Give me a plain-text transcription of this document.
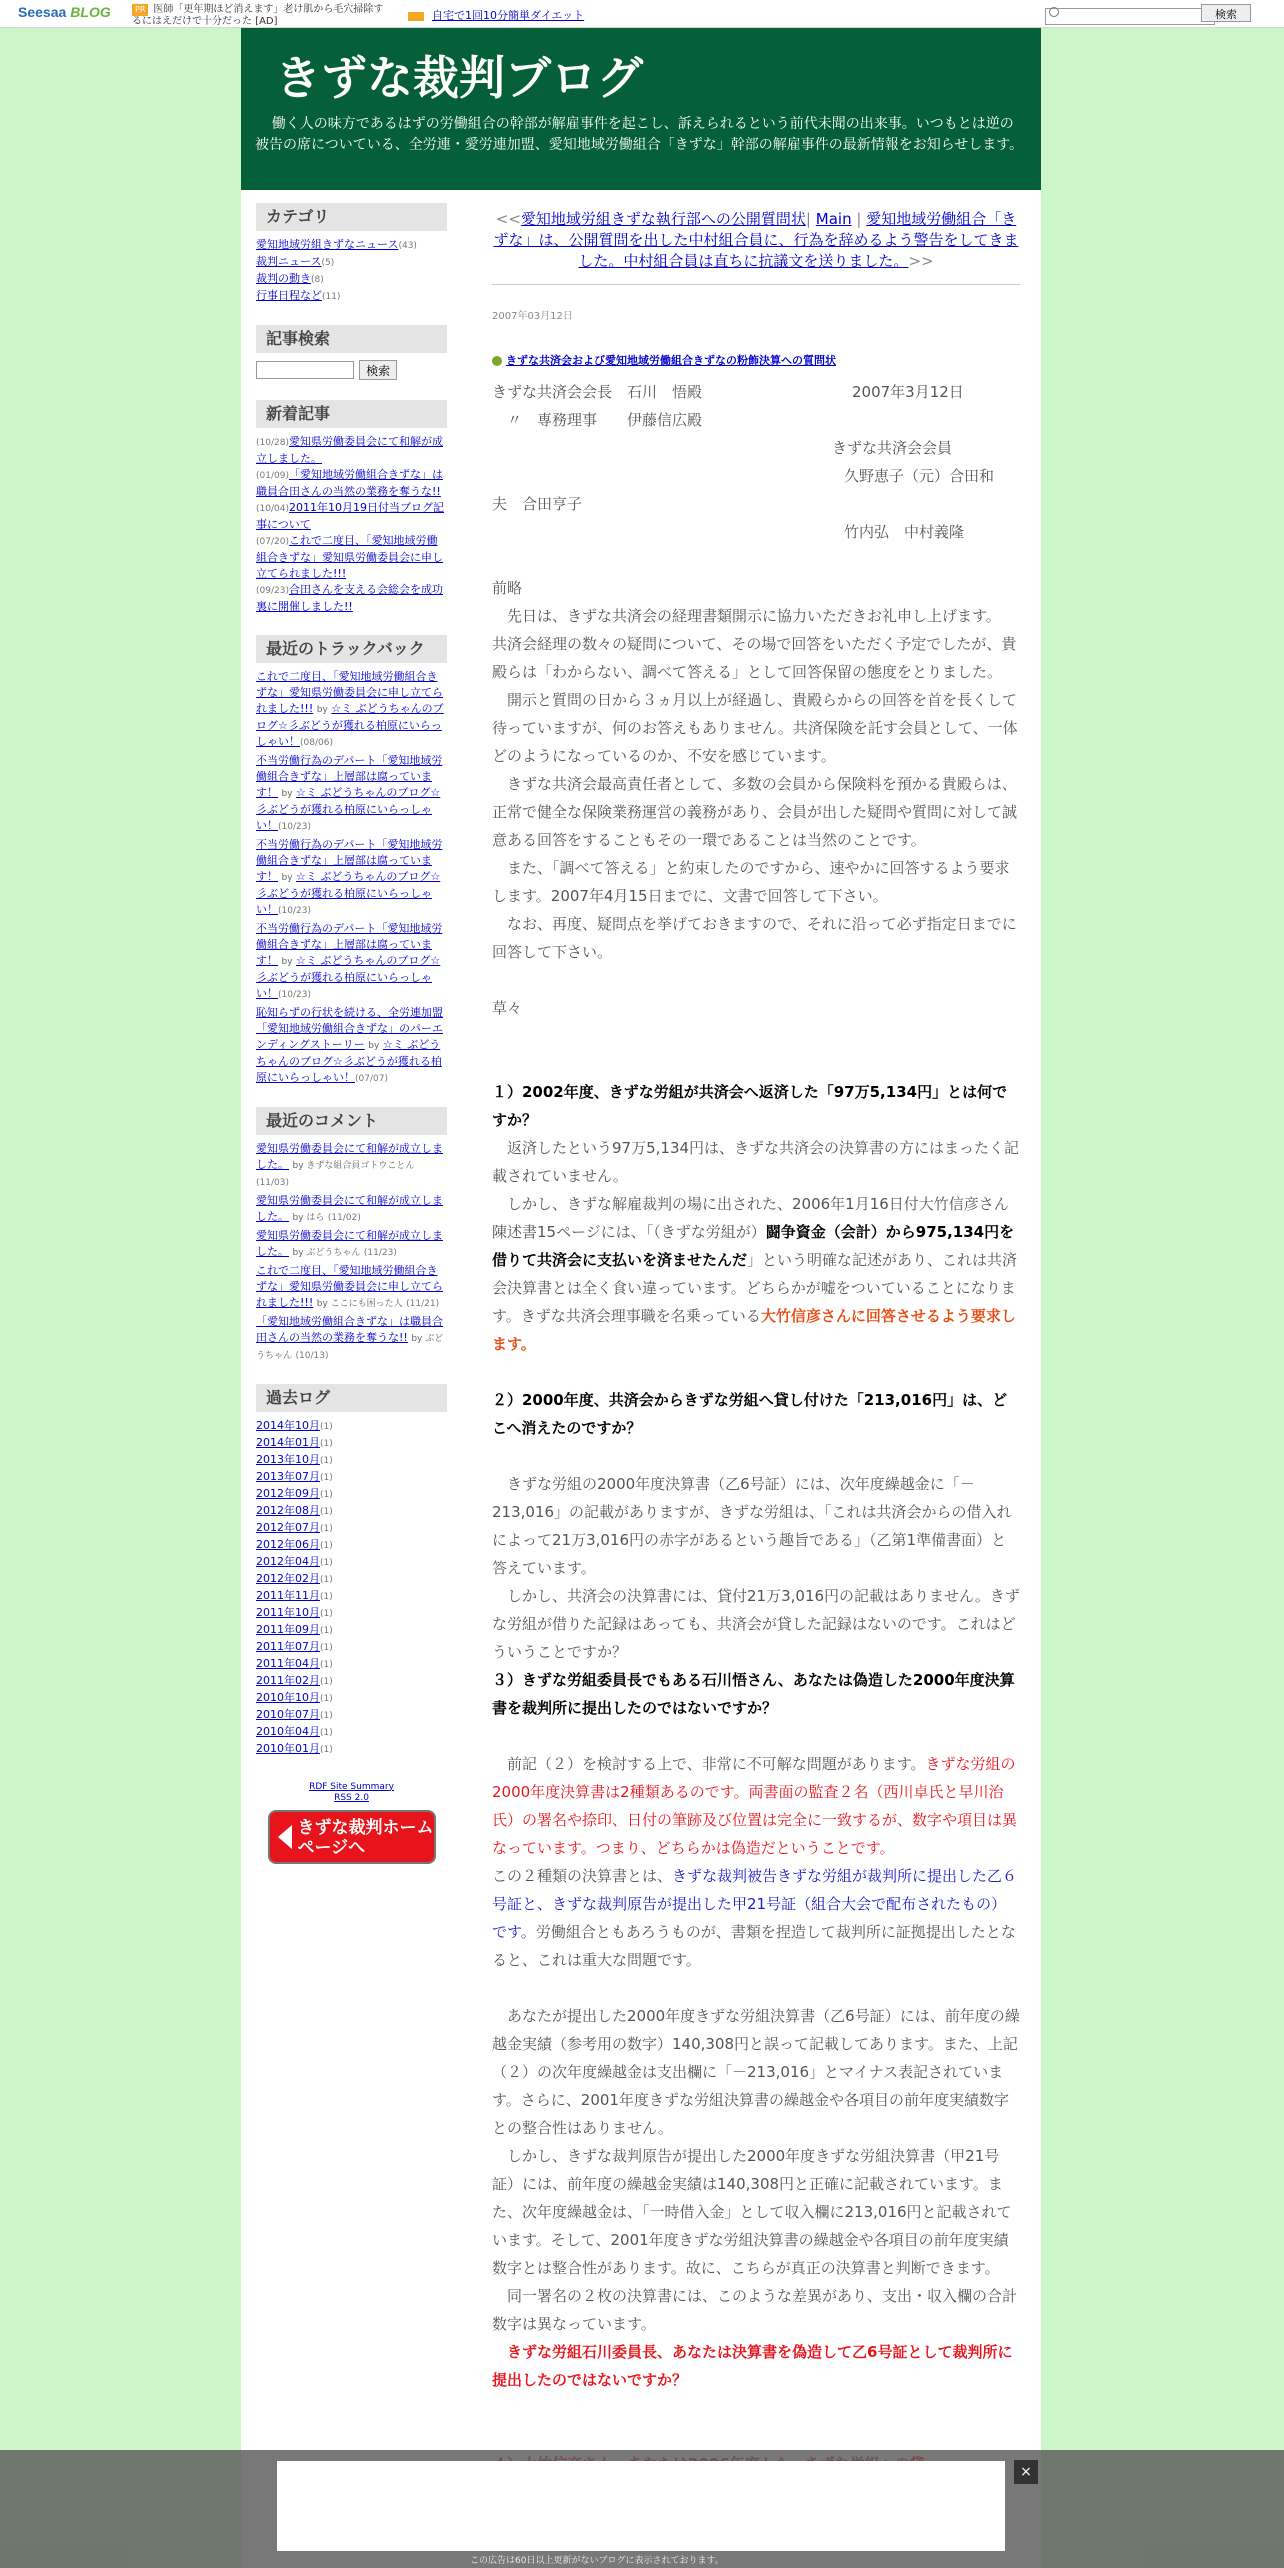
Seesaa BLOG	PR 医師「更年期ほど消えます」老け肌から毛穴掃除するにはえだけで十分だった [AD]	自宅で1回10分簡単ダイエット	検索
きずな裁判ブログ
働く人の味方であるはずの労働組合の幹部が解雇事件を起こし、訴えられるという前代未聞の出来事。いつもとは逆の被告の席についている、全労連・愛労連加盟、愛知地域労働組合「きずな」幹部の解雇事件の最新情報をお知らせします。
カテゴリ
愛知地域労組きずなニュース(43)
裁判ニュース(5)
裁判の動き(8)
行事日程など(11)
記事検索
検索
新着記事
(10/28)愛知県労働委員会にて和解が成立しました。
(01/09)「愛知地域労働組合きずな」は職員合田さんの当然の業務を奪うな!!
(10/04)2011年10月19日付当ブログ記事について
(07/20)これで二度目、「愛知地域労働組合きずな」愛知県労働委員会に申し立てられました!!!
(09/23)合田さんを支える会総会を成功裏に開催しました!!
最近のトラックバック
これで二度目、「愛知地域労働組合きずな」愛知県労働委員会に申し立てられました!!! by ☆ミ ぶどうちゃんのブログ☆彡ぶどうが獲れる柏原にいらっしゃい！(08/06)
不当労働行為のデパート「愛知地域労働組合きずな」上層部は腐っています！ by ☆ミ ぶどうちゃんのブログ☆彡ぶどうが獲れる柏原にいらっしゃい！(10/23)
不当労働行為のデパート「愛知地域労働組合きずな」上層部は腐っています！ by ☆ミ ぶどうちゃんのブログ☆彡ぶどうが獲れる柏原にいらっしゃい！(10/23)
不当労働行為のデパート「愛知地域労働組合きずな」上層部は腐っています！ by ☆ミ ぶどうちゃんのブログ☆彡ぶどうが獲れる柏原にいらっしゃい！(10/23)
恥知らずの行状を続ける、全労連加盟「愛知地域労働組合きずな」のパーエンディングストーリー by ☆ミ ぶどうちゃんのブログ☆彡ぶどうが獲れる柏原にいらっしゃい！(07/07)
最近のコメント
愛知県労働委員会にて和解が成立しました。 by きずな組合員ゴトウことん (11/03)
愛知県労働委員会にて和解が成立しました。 by はら (11/02)
愛知県労働委員会にて和解が成立しました。 by ぶどうちゃん (11/23)
これで二度目、「愛知地域労働組合きずな」愛知県労働委員会に申し立てられました!!! by ここにも困った人 (11/21)
「愛知地域労働組合きずな」は職員合田さんの当然の業務を奪うな!! by ぶどうちゃん (10/13)
過去ログ
2014年10月(1)
2014年01月(1)
2013年10月(1)
2013年07月(1)
2012年09月(1)
2012年08月(1)
2012年07月(1)
2012年06月(1)
2012年04月(1)
2012年02月(1)
2011年11月(1)
2011年10月(1)
2011年09月(1)
2011年07月(1)
2011年04月(1)
2011年02月(1)
2010年10月(1)
2010年07月(1)
2010年04月(1)
2010年01月(1)
RDF Site Summary
RSS 2.0
きずな裁判ホームページへ
<<愛知地域労組きずな執行部への公開質問状| Main | 愛知地域労働組合「きずな」は、公開質問を出した中村組合員に、行為を辞めるよう警告をしてきました。中村組合員は直ちに抗議文を送りました。>>
2007年03月12日
きずな共済会および愛知地域労働組合きずなの粉飾決算への質問状

きずな共済会会長　石川　悟殿　　　　　　　　　　2007年3月12日

　〃　専務理事　　伊藤信広殿

きずな共済会会員

久野恵子（元）合田和

夫　合田亨子

竹内弘　中村義隆

前略

　先日は、きずな共済会の経理書類開示に協力いただきお礼申し上げます。

共済会経理の数々の疑問について、その場で回答をいただく予定でしたが、貴殿らは「わからない、調べて答える」として回答保留の態度をとりました。

　開示と質問の日から３ヵ月以上が経過し、貴殿らからの回答を首を長くして待っていますが、何のお答えもありません。共済保険を託す会員として、一体どのようになっているのか、不安を感じています。

　きずな共済会最高責任者として、多数の会員から保険料を預かる貴殿らは、正常で健全な保険業務運営の義務があり、会員が出した疑問や質問に対して誠意ある回答をすることもその一環であることは当然のことです。

　また、「調べて答える」と約束したのですから、速やかに回答するよう要求します。2007年4月15日までに、文書で回答して下さい。

　なお、再度、疑問点を挙げておきますので、それに沿って必ず指定日までに回答して下さい。

草々

１）2002年度、きずな労組が共済会へ返済した「97万5,134円」とは何ですか？

　返済したという97万5,134円は、きずな共済会の決算書の方にはまったく記載されていません。

　しかし、きずな解雇裁判の場に出された、2006年1月16日付大竹信彦さん陳述書15ページには、「（きずな労組が）闘争資金（会計）から975,134円を借りて共済会に支払いを済ませたんだ」という明確な記述があり、これは共済会決算書とは全く食い違っています。どちらかが嘘をついていることになります。きずな共済会理事職を名乗っている大竹信彦さんに回答させるよう要求します。

２）2000年度、共済会からきずな労組へ貸し付けた「213,016円」は、どこへ消えたのですか？

　きずな労組の2000年度決算書（乙6号証）には、次年度繰越金に「－213,016」の記載がありますが、きずな労組は、「これは共済会からの借入れによって21万3,016円の赤字があるという趣旨である」（乙第1準備書面）と答えています。

　しかし、共済会の決算書には、貸付21万3,016円の記載はありません。きずな労組が借りた記録はあっても、共済会が貸した記録はないのです。これはどういうことですか？

３）きずな労組委員長でもある石川悟さん、あなたは偽造した2000年度決算書を裁判所に提出したのではないですか？

　前記（２）を検討する上で、非常に不可解な問題があります。きずな労組の2000年度決算書は2種類あるのです。両書面の監査２名（西川卓氏と早川治氏）の署名や捺印、日付の筆跡及び位置は完全に一致するが、数字や項目は異なっています。つまり、どちらかは偽造だということです。

この２種類の決算書とは、きずな裁判被告きずな労組が裁判所に提出した乙６号証と、きずな裁判原告が提出した甲21号証（組合大会で配布されたもの）です。労働組合ともあろうものが、書類を捏造して裁判所に証拠提出したとなると、これは重大な問題です。

　あなたが提出した2000年度きずな労組決算書（乙6号証）には、前年度の繰越金実績（参考用の数字）140,308円と誤って記載してあります。また、上記（２）の次年度繰越金は支出欄に「－213,016」とマイナス表記されています。さらに、2001年度きずな労組決算書の繰越金や各項目の前年度実績数字との整合性はありません。

　しかし、きずな裁判原告が提出した2000年度きずな労組決算書（甲21号証）には、前年度の繰越金実績は140,308円と正確に記載されています。また、次年度繰越金は、「一時借入金」として収入欄に213,016円と記載されています。そして、2001年度きずな労組決算書の繰越金や各項目の前年度実績数字とは整合性があります。故に、こちらが真正の決算書と判断できます。

　同一署名の２枚の決算書には、このような差異があり、支出・収入欄の合計数字は異なっています。

　きずな労組石川委員長、あなたは決算書を偽造して乙6号証として裁判所に提出したのではないですか？

×
この広告は60日以上更新がないブログに表示されております。
